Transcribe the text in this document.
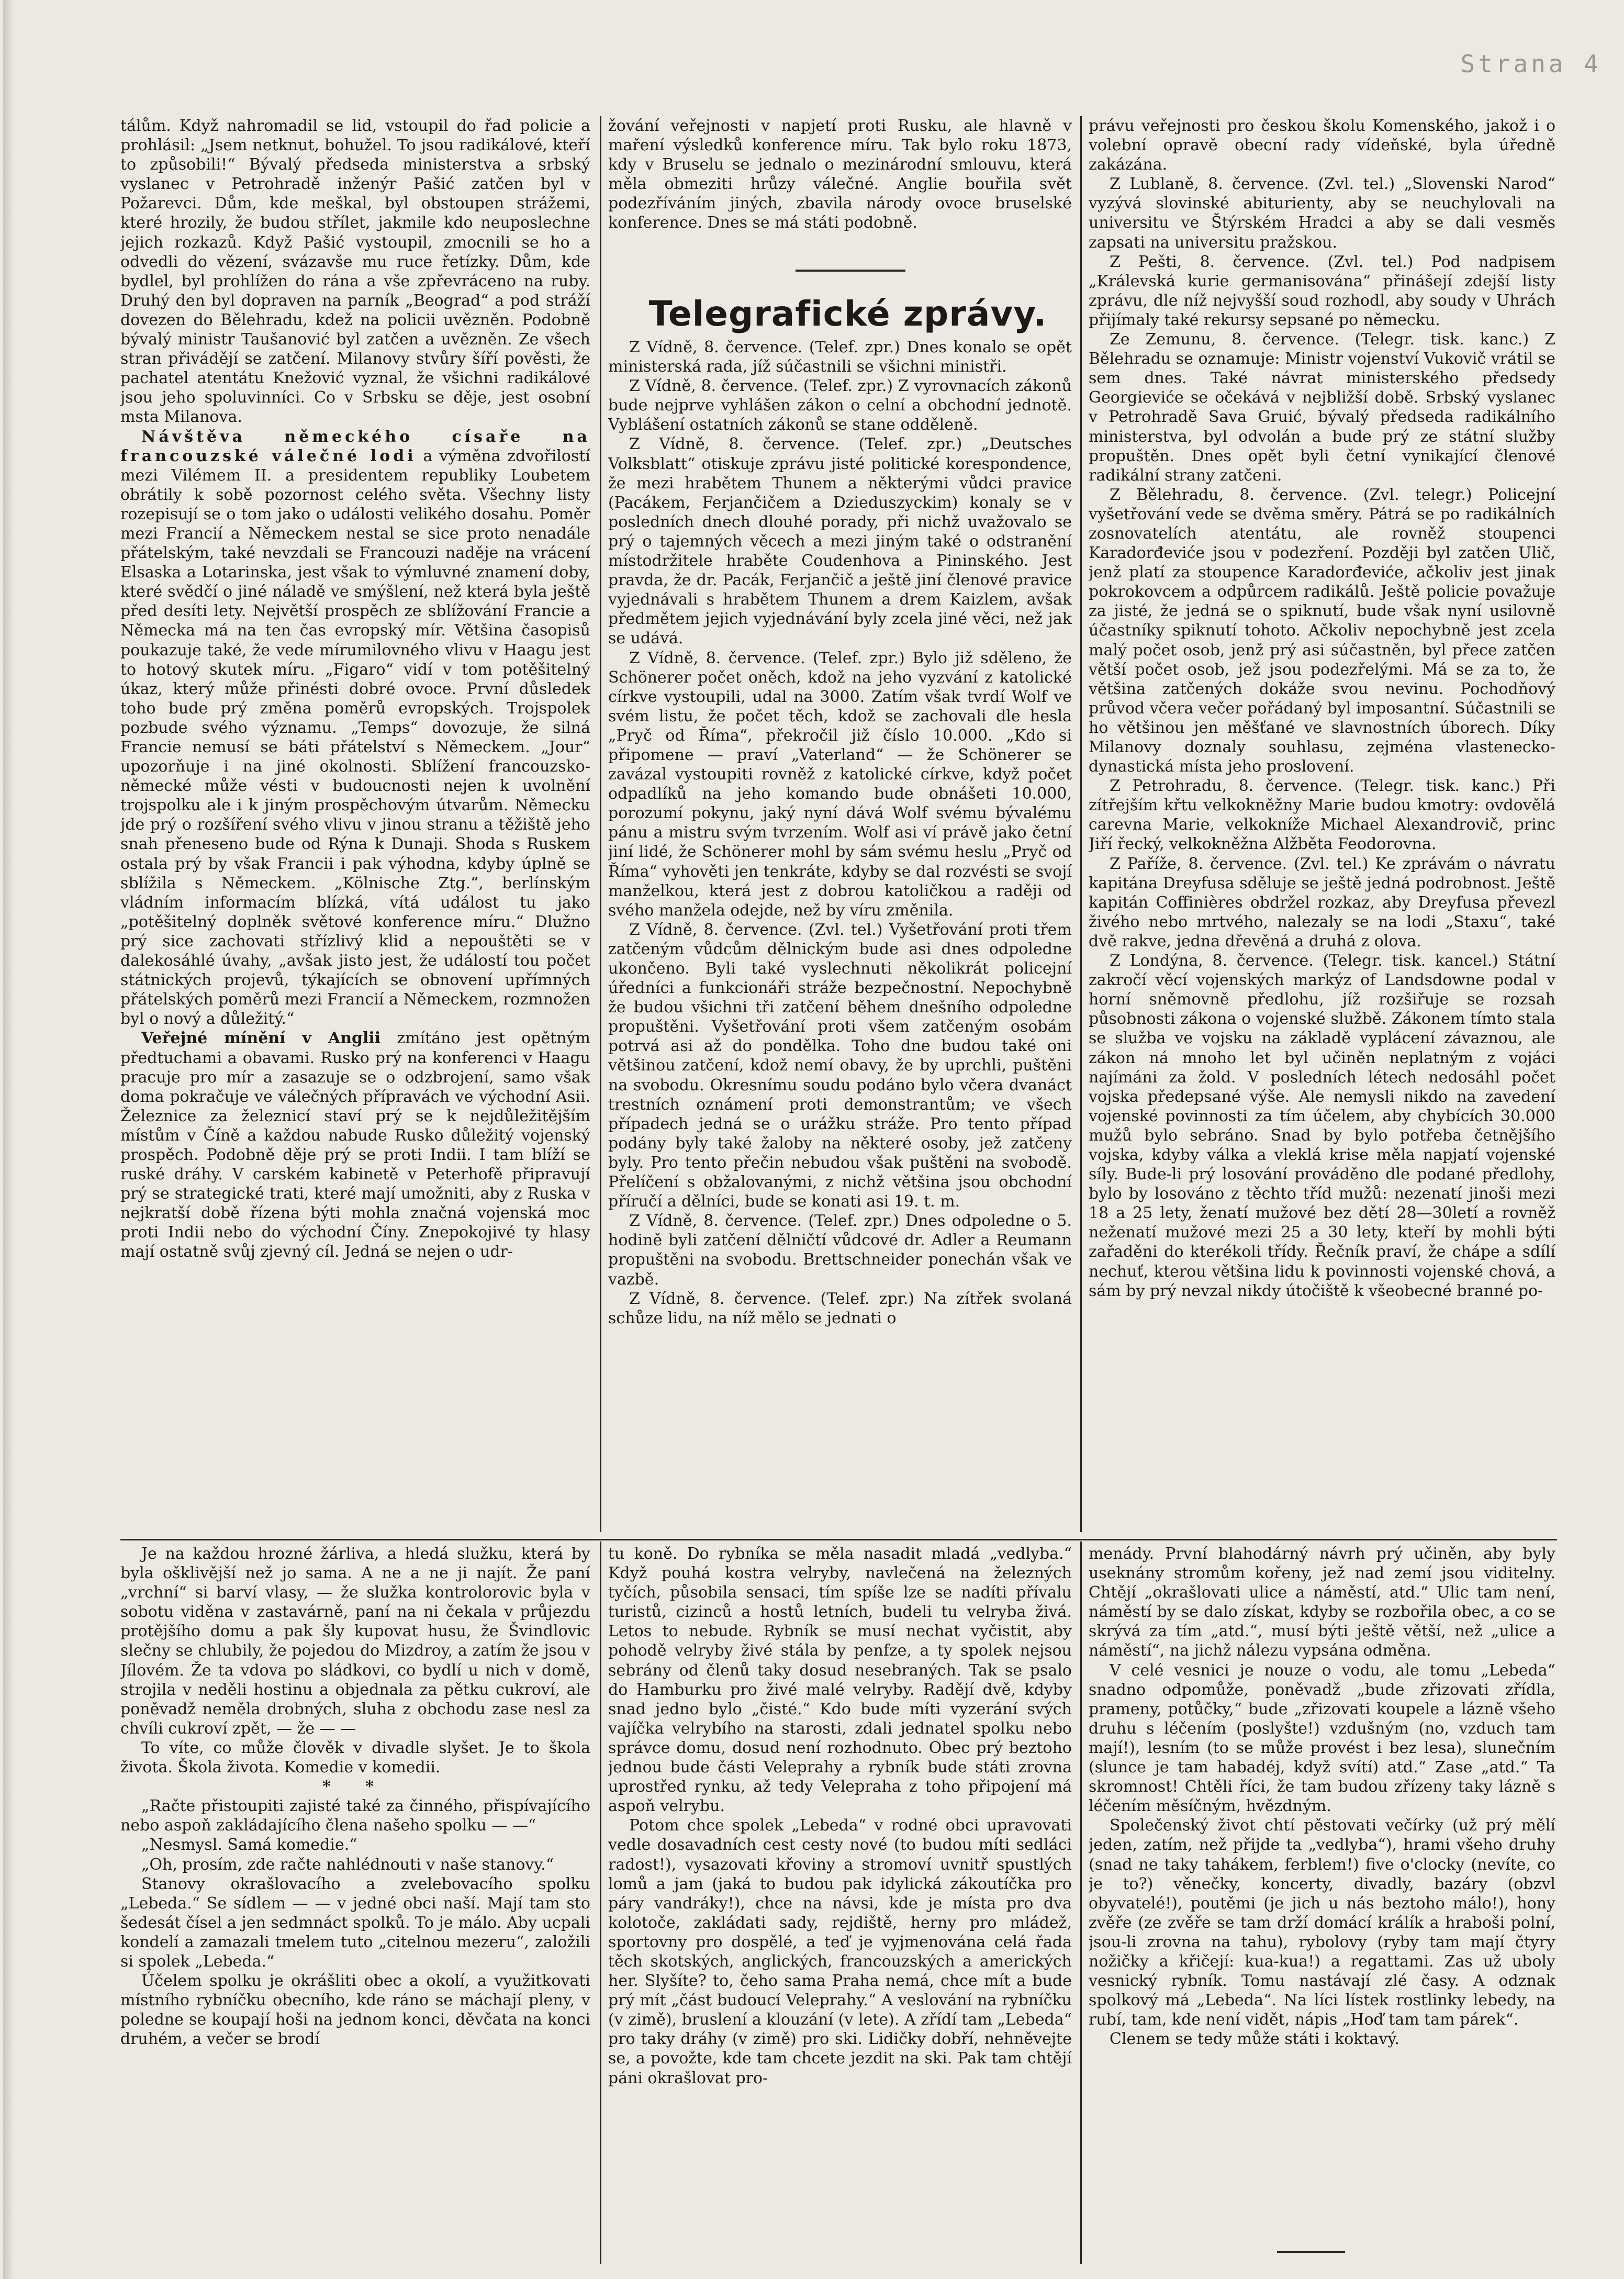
Strana 4

tálům. Když nahromadil se lid, vstoupil do řad policie a prohlásil: „Jsem netknut, bohužel. To jsou radikálové, kteří to způsobili!“ Bývalý předseda ministerstva a srbský vyslanec v Petrohradě inženýr Pašić zatčen byl v Požarevci. Dům, kde meškal, byl obstoupen strážemi, které hrozily, že budou střílet, jakmile kdo neuposlechne jejich rozkazů. Když Pašić vystoupil, zmocnili se ho a odvedli do vězení, svázavše mu ruce řetízky. Dům, kde bydlel, byl prohlížen do rána a vše zpřevráceno na ruby. Druhý den byl dopraven na parník „Beograd“ a pod stráží dovezen do Bělehradu, kdež na policii uvězněn. Podobně bývalý ministr Taušanović byl zatčen a uvězněn. Ze všech stran přivádějí se zatčení. Milanovy stvůry šíří pověsti, že pachatel atentátu Knežović vyznal, že všichni radikálové jsou jeho spoluvinníci. Co v Srbsku se děje, jest osobní msta Milanova.

Návštěva německého císaře na francouzské válečné lodi a výměna zdvořilostí mezi Vilémem II. a presidentem republiky Loubetem obrátily k sobě pozornost celého světa. Všechny listy rozepisují se o tom jako o události velikého dosahu. Poměr mezi Francií a Německem nestal se sice proto nenadále přátelským, také nevzdali se Francouzi naděje na vrácení Elsaska a Lotarinska, jest však to výmluvné znamení doby, které svědčí o jiné náladě ve smýšlení, než která byla ještě před desíti lety. Největší prospěch ze sblížování Francie a Německa má na ten čas evropský mír. Většina časopisů poukazuje také, že vede mírumilovného vlivu v Haagu jest to hotový skutek míru. „Figaro“ vidí v tom potěšitelný úkaz, který může přinésti dobré ovoce. První důsledek toho bude prý změna poměrů evropských. Trojspolek pozbude svého významu. „Temps“ dovozuje, že silná Francie nemusí se báti přátelství s Německem. „Jour“ upozorňuje i na jiné okolnosti. Sblížení francouzsko-německé může vésti v budoucnosti nejen k uvolnění trojspolku ale i k jiným prospěchovým útvarům. Německu jde prý o rozšíření svého vlivu v jinou stranu a těžiště jeho snah přeneseno bude od Rýna k Dunaji. Shoda s Ruskem ostala prý by však Francii i pak výhodna, kdyby úplně se sblížila s Německem. „Kölnische Ztg.“, berlínským vládním informacím blízká, vítá událost tu jako „potěšitelný doplněk světové konference míru.“ Dlužno prý sice zachovati střízlivý klid a nepouštěti se v dalekosáhlé úvahy, „avšak jisto jest, že událostí tou počet státnických projevů, týkajících se obnovení upřímných přátelských poměrů mezi Francií a Německem, rozmnožen byl o nový a důležitý.“

Veřejné mínění v Anglii zmítáno jest opětným předtuchami a obavami. Rusko prý na konferenci v Haagu pracuje pro mír a zasazuje se o odzbrojení, samo však doma pokračuje ve válečných přípravách ve východní Asii. Železnice za železnicí staví prý se k nejdůležitějším místům v Číně a každou nabude Rusko důležitý vojenský prospěch. Podobně děje prý se proti Indii. I tam blíží se ruské dráhy. V carském kabinetě v Peterhofě připravují prý se strategické trati, které mají umožniti, aby z Ruska v nejkratší době řízena býti mohla značná vojenská moc proti Indii nebo do východní Číny. Znepokojivé ty hlasy mají ostatně svůj zjevný cíl. Jedná se nejen o udr-

žování veřejnosti v napjetí proti Rusku, ale hlavně v maření výsledků konference míru. Tak bylo roku 1873, kdy v Bruselu se jednalo o mezinárodní smlouvu, která měla obmeziti hrůzy válečné. Anglie bouřila svět podezříváním jiných, zbavila národy ovoce bruselské konference. Dnes se má státi podobně.

Telegrafické zprávy.

Z Vídně, 8. července. (Telef. zpr.) Dnes konalo se opět ministerská rada, jíž súčastnili se všichni ministři.

Z Vídně, 8. července. (Telef. zpr.) Z vyrovnacích zákonů bude nejprve vyhlášen zákon o celní a obchodní jednotě. Vyblášení ostatních zákonů se stane odděleně.

Z Vídně, 8. července. (Telef. zpr.) „Deutsches Volksblatt“ otiskuje zprávu jisté politické korespondence, že mezi hrabětem Thunem a některými vůdci pravice (Pacákem, Ferjančičem a Dzieduszyckim) konaly se v posledních dnech dlouhé porady, při nichž uvažovalo se prý o tajemných věcech a mezi jiným také o odstranění místodržitele hraběte Coudenhova a Pininského. Jest pravda, že dr. Pacák, Ferjančič a ještě jiní členové pravice vyjednávali s hrabětem Thunem a drem Kaizlem, avšak předmětem jejich vyjednávání byly zcela jiné věci, než jak se udává.

Z Vídně, 8. července. (Telef. zpr.) Bylo již sděleno, že Schönerer počet oněch, kdož na jeho vyzvání z katolické církve vystoupili, udal na 3000. Zatím však tvrdí Wolf ve svém listu, že počet těch, kdož se zachovali dle hesla „Pryč od Říma“, překročil již číslo 10.000. „Kdo si připomene — praví „Vaterland“ — že Schönerer se zavázal vystoupiti rovněž z katolické církve, když počet odpadlíků na jeho komando bude obnášeti 10.000, porozumí pokynu, jaký nyní dává Wolf svému bývalému pánu a mistru svým tvrzením. Wolf asi ví právě jako četní jiní lidé, že Schönerer mohl by sám svému heslu „Pryč od Říma“ vyhověti jen tenkráte, kdyby se dal rozvésti se svojí manželkou, která jest z dobrou katoličkou a raději od svého manžela odejde, než by víru změnila.

Z Vídně, 8. července. (Zvl. tel.) Vyšetřování proti třem zatčeným vůdcům dělnickým bude asi dnes odpoledne ukončeno. Byli také vyslechnuti několikrát policejní úředníci a funkcionáři stráže bezpečnostní. Nepochybně že budou všichni tři zatčení během dnešního odpoledne propuštěni. Vyšetřování proti všem zatčeným osobám potrvá asi až do pondělka. Toho dne budou také oni většinou zatčení, kdož nemí obavy, že by uprchli, puštěni na svobodu. Okresnímu soudu podáno bylo včera dvanáct trestních oznámení proti demonstrantům; ve všech případech jedná se o urážku stráže. Pro tento případ podány byly také žaloby na některé osoby, jež zatčeny byly. Pro tento přečin nebudou však puštěni na svobodě. Přelíčení s obžalovanými, z nichž většina jsou obchodní příručí a dělníci, bude se konati asi 19. t. m.

Z Vídně, 8. července. (Telef. zpr.) Dnes odpoledne o 5. hodině byli zatčení dělničtí vůdcové dr. Adler a Reumann propuštěni na svobodu. Brettschneider ponechán však ve vazbě.

Z Vídně, 8. července. (Telef. zpr.) Na zítřek svolaná schůze lidu, na níž mělo se jednati o

právu veřejnosti pro českou školu Komenského, jakož i o volební opravě obecní rady vídeňské, byla úředně zakázána.

Z Lublaně, 8. července. (Zvl. tel.) „Slovenski Narod“ vyzývá slovinské abiturienty, aby se neuchylovali na universitu ve Štýrském Hradci a aby se dali vesměs zapsati na universitu pražskou.

Z Pešti, 8. července. (Zvl. tel.) Pod nadpisem „Králevská kurie germanisována“ přinášejí zdejší listy zprávu, dle níž nejvyšší soud rozhodl, aby soudy v Uhrách přijímaly také rekursy sepsané po německu.

Ze Zemunu, 8. července. (Telegr. tisk. kanc.) Z Bělehradu se oznamuje: Ministr vojenství Vukovič vrátil se sem dnes. Také návrat ministerského předsedy Georgieviće se očekává v nejbližší době. Srbský vyslanec v Petrohradě Sava Gruić, bývalý předseda radikálního ministerstva, byl odvolán a bude prý ze státní služby propuštěn. Dnes opět byli četní vynikající členové radikální strany zatčeni.

Z Bělehradu, 8. července. (Zvl. telegr.) Policejní vyšetřování vede se dvěma směry. Pátrá se po radikálních zosnovatelích atentátu, ale rovněž stoupenci Karadorđeviće jsou v podezření. Později byl zatčen Ulič, jenž platí za stoupence Karadorđeviće, ačkoliv jest jinak pokrokovcem a odpůrcem radikálů. Ještě policie považuje za jisté, že jedná se o spiknutí, bude však nyní usilovně účastníky spiknutí tohoto. Ačkoliv nepochybně jest zcela malý počet osob, jenž prý asi súčastněn, byl přece zatčen větší počet osob, jež jsou podezřelými. Má se za to, že většina zatčených dokáže svou nevinu. Pochodňový průvod včera večer pořádaný byl imposantní. Súčastnili se ho většinou jen měšťané ve slavnostních úborech. Díky Milanovy doznaly souhlasu, zejména vlastenecko-dynastická místa jeho proslovení.

Z Petrohradu, 8. července. (Telegr. tisk. kanc.) Při zítřejším křtu velkokněžny Marie budou kmotry: ovdovělá carevna Marie, velkokníže Michael Alexandrovič, princ Jiří řecký, velkokněžna Alžběta Feodorovna.

Z Paříže, 8. července. (Zvl. tel.) Ke zprávám o návratu kapitána Dreyfusa sděluje se ještě jedná podrobnost. Ještě kapitán Coffinières obdržel rozkaz, aby Dreyfusa převezl živého nebo mrtvého, nalezaly se na lodi „Staxu“, také dvě rakve, jedna dřevěná a druhá z olova.

Z Londýna, 8. července. (Telegr. tisk. kancel.) Státní zakročí věcí vojenských markýz of Landsdowne podal v horní sněmovně předlohu, jíž rozšiřuje se rozsah působnosti zákona o vojenské službě. Zákonem tímto stala se služba ve vojsku na základě vyplácení závaznou, ale zákon ná mnoho let byl učiněn neplatným z vojáci najímáni za žold. V posledních létech nedosáhl počet vojska předepsané výše. Ale nemysli nikdo na zavedení vojenské povinnosti za tím účelem, aby chybících 30.000 mužů bylo sebráno. Snad by bylo potřeba četnějšího vojska, kdyby válka a vleklá krise měla napjatí vojenské síly. Bude-li prý losování prováděno dle podané předlohy, bylo by losováno z těchto tříd mužů: nezenatí jinoši mezi 18 a 25 lety, ženatí mužové bez dětí 28—30letí a rovněž neženatí mužové mezi 25 a 30 lety, kteří by mohli býti zařaděni do kterékoli třídy. Řečník praví, že chápe a sdílí nechuť, kterou většina lidu k povinnosti vojenské chová, a sám by prý nevzal nikdy útočiště k všeobecné branné po-

Je na každou hrozné žárliva, a hledá služku, která by byla ošklivější než jo sama. A ne a ne ji najít. Že paní „vrchní“ si barví vlasy, — že služka kontrolorovic byla v sobotu viděna v zastavárně, paní na ni čekala v průjezdu protějšího domu a pak šly kupovat husu, že Švindlovic slečny se chlubily, že pojedou do Mizdroy, a zatím že jsou v Jílovém. Že ta vdova po sládkovi, co bydlí u nich v domě, strojila v neděli hostinu a objednala za pětku cukroví, ale poněvadž neměla drobných, sluha z obchodu zase nesl za chvíli cukroví zpět, — že — —

To víte, co může člověk v divadle slyšet. Je to škola života. Škola života. Komedie v komedii.

* *

„Račte přistoupiti zajisté také za činného, přispívajícího nebo aspoň zakládajícího člena našeho spolku — —“

„Nesmysl. Samá komedie.“

„Oh, prosím, zde račte nahlédnouti v naše stanovy.“

Stanovy okrašlovacího a zvelebovacího spolku „Lebeda.“ Se sídlem — — v jedné obci naší. Mají tam sto šedesát čísel a jen sedmnáct spolků. To je málo. Aby ucpali kondelí a zamazali tmelem tuto „citelnou mezeru“, založili si spolek „Lebeda.“

Účelem spolku je okrášliti obec a okolí, a využitkovati místního rybníčku obecního, kde ráno se máchají pleny, v poledne se koupají hoši na jednom konci, děvčata na konci druhém, a večer se brodí

tu koně. Do rybníka se měla nasadit mladá „vedlyba.“ Když pouhá kostra velryby, navlečená na železných tyčích, působila sensaci, tím spíše lze se nadíti přívalu turistů, cizinců a hostů letních, budeli tu velryba živá. Letos to nebude. Rybník se musí nechat vyčistit, aby pohodě velryby živé stála by penfze, a ty spolek nejsou sebrány od členů taky dosud nesebraných. Tak se psalo do Hamburku pro živé malé velryby. Radějí dvě, kdyby snad jedno bylo „čisté.“ Kdo bude míti vyzerání svých vajíčka velrybího na starosti, zdali jednatel spolku nebo správce domu, dosud není rozhodnuto. Obec prý beztoho jednou bude části Veleprahy a rybník bude státi zrovna uprostřed rynku, až tedy Velepraha z toho připojení má aspoň velrybu.

Potom chce spolek „Lebeda“ v rodné obci upravovati vedle dosavadních cest cesty nové (to budou míti sedláci radost!), vysazovati křoviny a stromoví uvnitř spustlých lomů a jam (jaká to budou pak idylická zákoutíčka pro páry vandráky!), chce na návsi, kde je místa pro dva kolotoče, zakládati sady, rejdiště, herny pro mládež, sportovny pro dospělé, a teď je vyjmenována celá řada těch skotských, anglických, francouzských a amerických her. Slyšíte? to, čeho sama Praha nemá, chce mít a bude prý mít „část budoucí Veleprahy.“ A veslování na rybníčku (v zimě), bruslení a klouzání (v lete). A zřídí tam „Lebeda“ pro taky dráhy (v zimě) pro ski. Lidičky dobří, nehněvejte se, a povožte, kde tam chcete jezdit na ski. Pak tam chtějí páni okrašlovat pro-

menády. První blahodárný návrh prý učiněn, aby byly useknány stromům kořeny, jež nad zemí jsou viditelny. Chtějí „okrašlovati ulice a náměstí, atd.“ Ulic tam není, náměstí by se dalo získat, kdyby se rozbořila obec, a co se skrývá za tím „atd.“, musí býti ještě větší, než „ulice a náměstí“, na jichž nálezu vypsána odměna.

V celé vesnici je nouze o vodu, ale tomu „Lebeda“ snadno odpomůže, poněvadž „bude zřizovati zřídla, prameny, potůčky,“ bude „zřizovati koupele a lázně všeho druhu s léčením (poslyšte!) vzdušným (no, vzduch tam mají!), lesním (to se může provést i bez lesa), slunečním (slunce je tam habadéj, když svítí) atd.“ Zase „atd.“ Ta skromnost! Chtěli říci, že tam budou zřízeny taky lázně s léčením měsíčným, hvězdným.

Společenský život chtí pěstovati večírky (už prý mělí jeden, zatím, než přijde ta „vedlyba“), hrami všeho druhy (snad ne taky tahákem, ferblem!) five o'clocky (nevíte, co je to?) věnečky, koncerty, divadly, bazáry (obzvl obyvatelé!), poutěmi (je jich u nás beztoho málo!), hony zvěře (ze zvěře se tam drží domácí králík a hraboši polní, jsou-li zrovna na tahu), rybolovy (ryby tam mají čtyry nožičky a křičejí: kua-kua!) a regattami. Zas už uboly vesnický rybník. Tomu nastávají zlé časy. A odznak spolkový má „Lebeda“. Na líci lístek rostlinky lebedy, na rubí, tam, kde není vidět, nápis „Hoď tam tam párek“.

Clenem se tedy může státi i koktavý.
